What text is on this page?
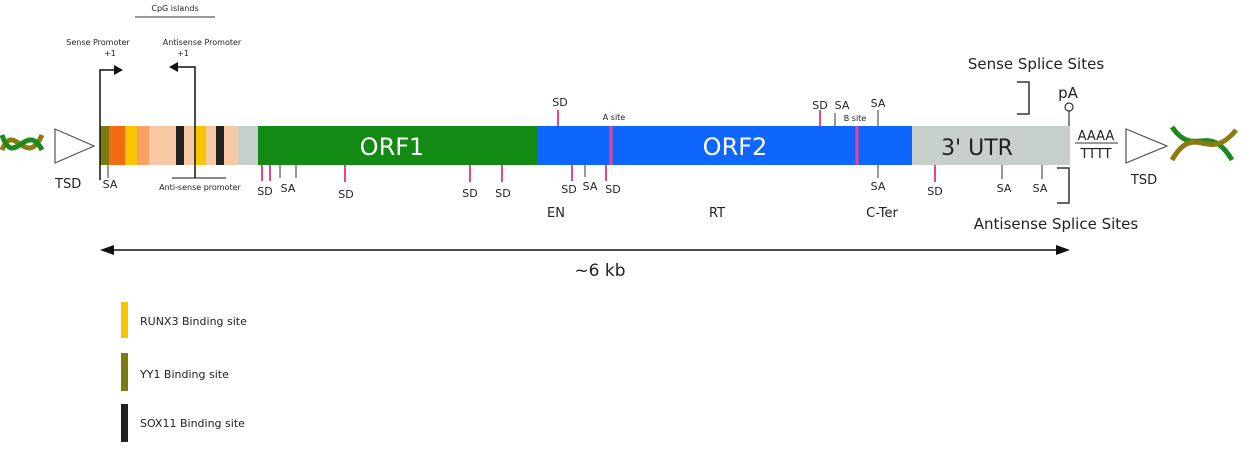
TSD
ORF1	ORF2	3' UTR
CpG islands
Sense Promoter
+1
Antisense Promoter
+1
Anti-sense promoter
A site	B site
SD	SD SA SA
SA
SD SA	SD	SD SD	SD SA SD	SA	SD	SA SA
EN	RT	C-Ter
Sense Splice Sites
Antisense Splice Sites
pA
AAAA
TTTT
TSD
~6 kb
RUNX3 Binding site
YY1 Binding site
SOX11 Binding site
